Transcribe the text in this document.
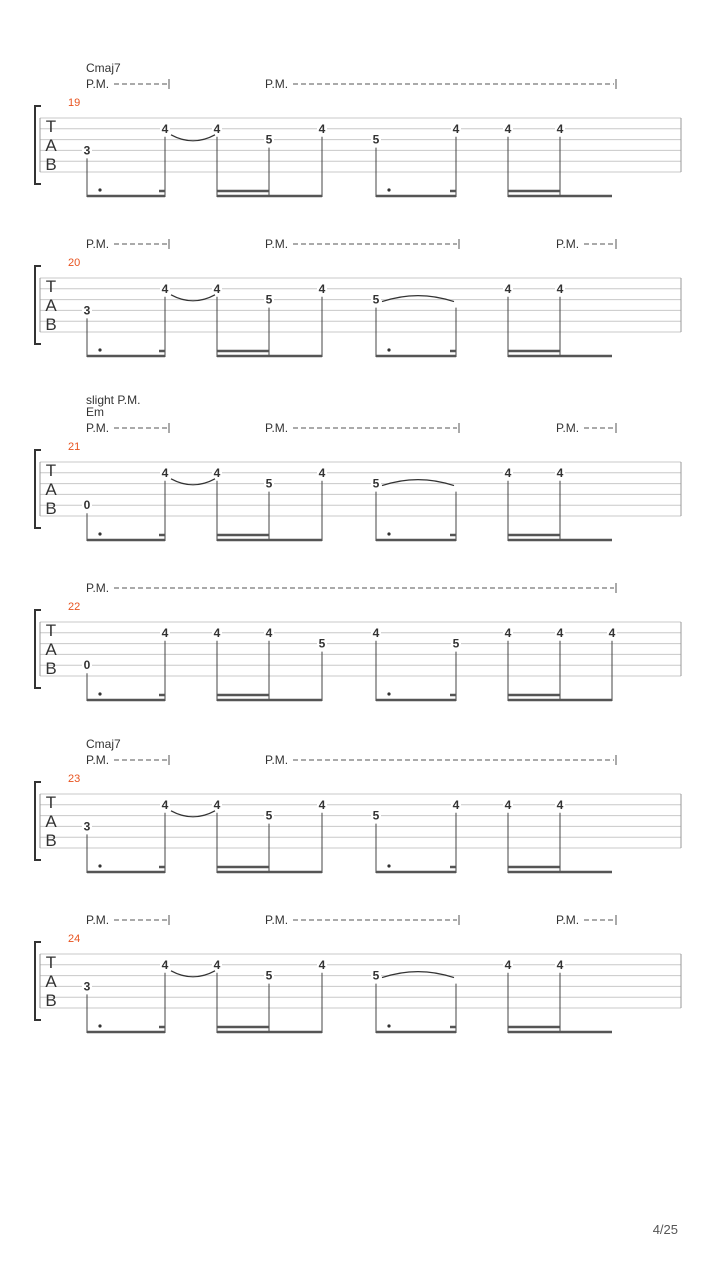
T
A
B
19
Cmaj7
P.M.	P.M.
3
4	4
5
4
5
4	4	4
T
A
B
20
P.M.	P.M.	P.M.
3
4	4
5
4
5
4	4
T
A
B
21
slight P.M.
Em
P.M.	P.M.	P.M.
0
4	4
5
4
5
4	4
T
A
B
22
P.M.
0
4	4	4
5
4
5
4	4	4
T
A
B
23
Cmaj7
P.M.	P.M.
3
4	4
5
4
5
4	4	4
T
A
B
24
P.M.	P.M.	P.M.
3
4	4
5
4
5
4	4
4/25
